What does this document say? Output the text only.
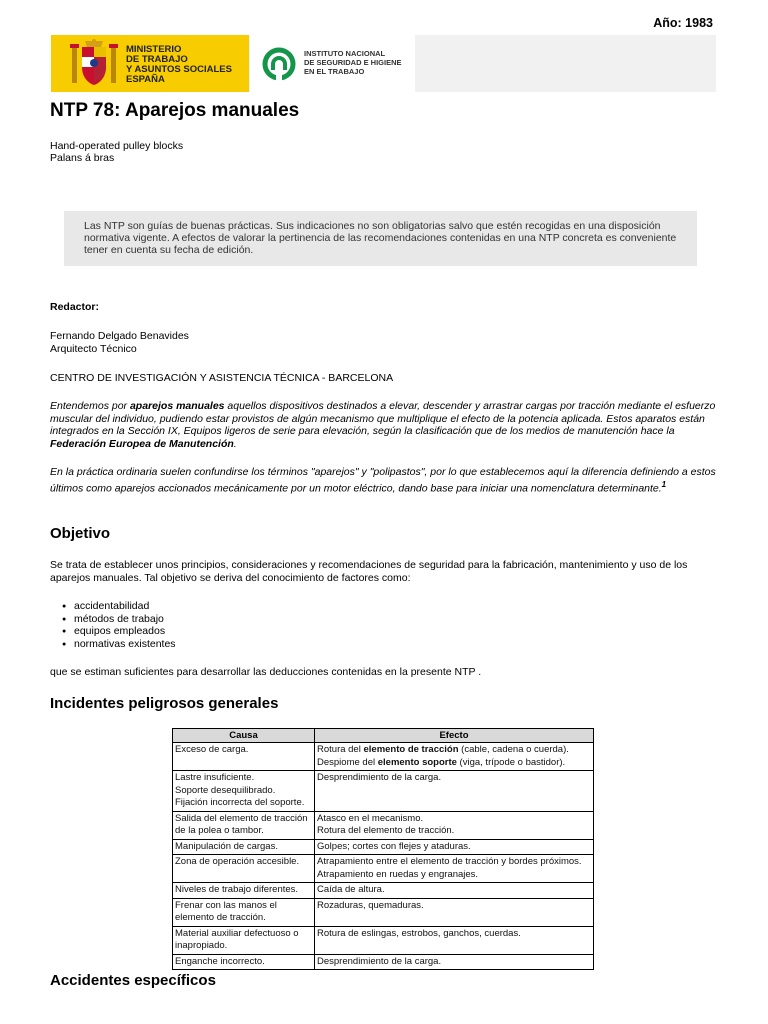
Año: 1983
MINISTERIO
DE TRABAJO
Y ASUNTOS SOCIALES
ESPAÑA
INSTITUTO NACIONAL
DE SEGURIDAD E HIGIENE
EN EL TRABAJO
NTP 78: Aparejos manuales
Hand-operated pulley blocks
Palans á bras

Las NTP son guías de buenas prácticas. Sus indicaciones no son obligatorias salvo que estén recogidas en una disposición normativa vigente. A efectos de valorar la pertinencia de las recomendaciones contenidas en una NTP concreta es conveniente tener en cuenta su fecha de edición.

Redactor:
Fernando Delgado Benavides
Arquitecto Técnico
CENTRO DE INVESTIGACIÓN Y ASISTENCIA TÉCNICA - BARCELONA
Entendemos por aparejos manuales aquellos dispositivos destinados a elevar, descender y arrastrar cargas por tracción mediante el esfuerzo muscular del individuo, pudiendo estar provistos de algún mecanismo que multiplique el efecto de la potencia aplicada. Estos aparatos están integrados en la Sección IX, Equipos ligeros de serie para elevación, según la clasificación que de los medios de manutención hace la Federación Europea de Manutención.
En la práctica ordinaria suelen confundirse los términos "aparejos" y "polipastos", por lo que establecemos aquí la diferencia definiendo a estos últimos como aparejos accionados mecánicamente por un motor eléctrico, dando base para iniciar una nomenclatura determinante.$^1$
Objetivo
Se trata de establecer unos principios, consideraciones y recomendaciones de seguridad para la fabricación, mantenimiento y uso de los aparejos manuales. Tal objetivo se deriva del conocimiento de factores como:
● accidentabilidad
● métodos de trabajo
● equipos empleados
● normativas existentes
que se estiman suficientes para desarrollar las deducciones contenidas en la presente NTP .
Incidentes peligrosos generales
Causa	Efecto

Exceso de carga.	Rotura del elemento de tracción (cable, cadena o cuerda).
Despiome del elemento soporte (viga, trípode o bastidor).

Lastre insuficiente.
Soporte desequilibrado.
Fijación incorrecta del soporte.	Desprendimiento de la carga.

Salida del elemento de tracción de la polea o tambor.	Atasco en el mecanismo.
Rotura del elemento de tracción.

Manipulación de cargas.	Golpes; cortes con flejes y ataduras.

Zona de operación accesible.	Atrapamiento entre el elemento de tracción y bordes próximos.
Atrapamiento en ruedas y engranajes.

Niveles de trabajo diferentes.	Caída de altura.

Frenar con las manos el elemento de tracción.	Rozaduras, quemaduras.

Material auxiliar defectuoso o inapropiado.	Rotura de eslingas, estrobos, ganchos, cuerdas.

Enganche incorrecto.	Desprendimiento de la carga.
Accidentes específicos
